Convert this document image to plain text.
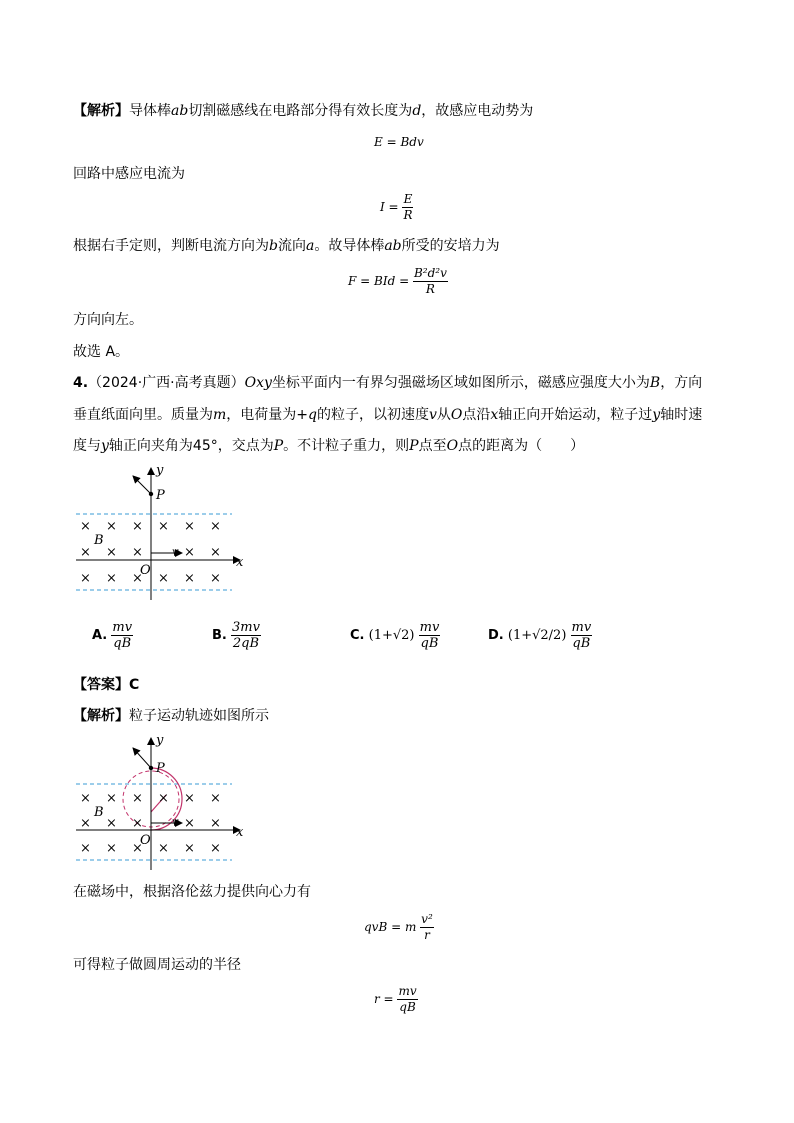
【解析】导体棒ab切割磁感线在电路部分得有效长度为d，故感应电动势为
E = Bdv
回路中感应电流为
$I = \frac{E}{R}$
根据右手定则，判断电流方向为b流向a。故导体棒ab所受的安培力为
F = BId = $\frac{\text{B²d²v}}{R}$
方向向左。
故选 A。
4.（2024·广西·高考真题）Oxy坐标平面内一有界匀强磁场区域如图所示，磁感应强度大小为B，方向
垂直纸面向里。质量为m，电荷量为+q的粒子，以初速度v从O点沿x轴正向开始运动，粒子过y轴时速
度与y轴正向夹角为45°，交点为P。不计粒子重力，则P点至O点的距离为（　　）
× × × × × ×
× × ×	× ×
× × × × × ×
y
P
B
v
O
x
A. $\frac{mv}{qB}$	B. $\frac{3mv}{2qB}$	C. $(1+√2) \frac{mv}{qB}$	D. $(1+√2/2) \frac{mv}{qB}$
【答案】C
【解析】粒子运动轨迹如图所示
× × × × × ×
× × ×	× ×
× × × × × ×
y
P
B
v
O
x
在磁场中，根据洛伦兹力提供向心力有
qvB = m $\frac{\text{v²}}{r}$
可得粒子做圆周运动的半径
$r = \frac{mv}{qB}$
